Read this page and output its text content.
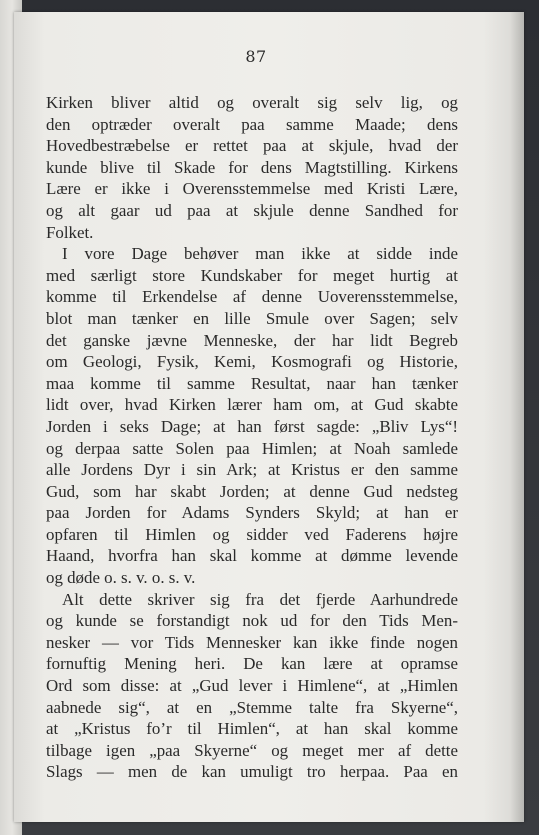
87
Kirken bliver altid og overalt sig selv lig, og
den optræder overalt paa samme Maade; dens
Hovedbestræbelse er rettet paa at skjule, hvad der
kunde blive til Skade for dens Magtstilling. Kirkens
Lære er ikke i Overensstemmelse med Kristi Lære,
og alt gaar ud paa at skjule denne Sandhed for
Folket.
I vore Dage behøver man ikke at sidde inde
med særligt store Kundskaber for meget hurtig at
komme til Erkendelse af denne Uoverensstemmelse,
blot man tænker en lille Smule over Sagen; selv
det ganske jævne Menneske, der har lidt Begreb
om Geologi, Fysik, Kemi, Kosmografi og Historie,
maa komme til samme Resultat, naar han tænker
lidt over, hvad Kirken lærer ham om, at Gud skabte
Jorden i seks Dage; at han først sagde: „Bliv Lys“!
og derpaa satte Solen paa Himlen; at Noah samlede
alle Jordens Dyr i sin Ark; at Kristus er den samme
Gud, som har skabt Jorden; at denne Gud nedsteg
paa Jorden for Adams Synders Skyld; at han er
opfaren til Himlen og sidder ved Faderens højre
Haand, hvorfra han skal komme at dømme levende
og døde o. s. v. o. s. v.
Alt dette skriver sig fra det fjerde Aarhundrede
og kunde se forstandigt nok ud for den Tids Men-
nesker — vor Tids Mennesker kan ikke finde nogen
fornuftig Mening heri. De kan lære at opramse
Ord som disse: at „Gud lever i Himlene“, at „Himlen
aabnede sig“, at en „Stemme talte fra Skyerne“,
at „Kristus fo’r til Himlen“, at han skal komme
tilbage igen „paa Skyerne“ og meget mer af dette
Slags — men de kan umuligt tro herpaa. Paa en
